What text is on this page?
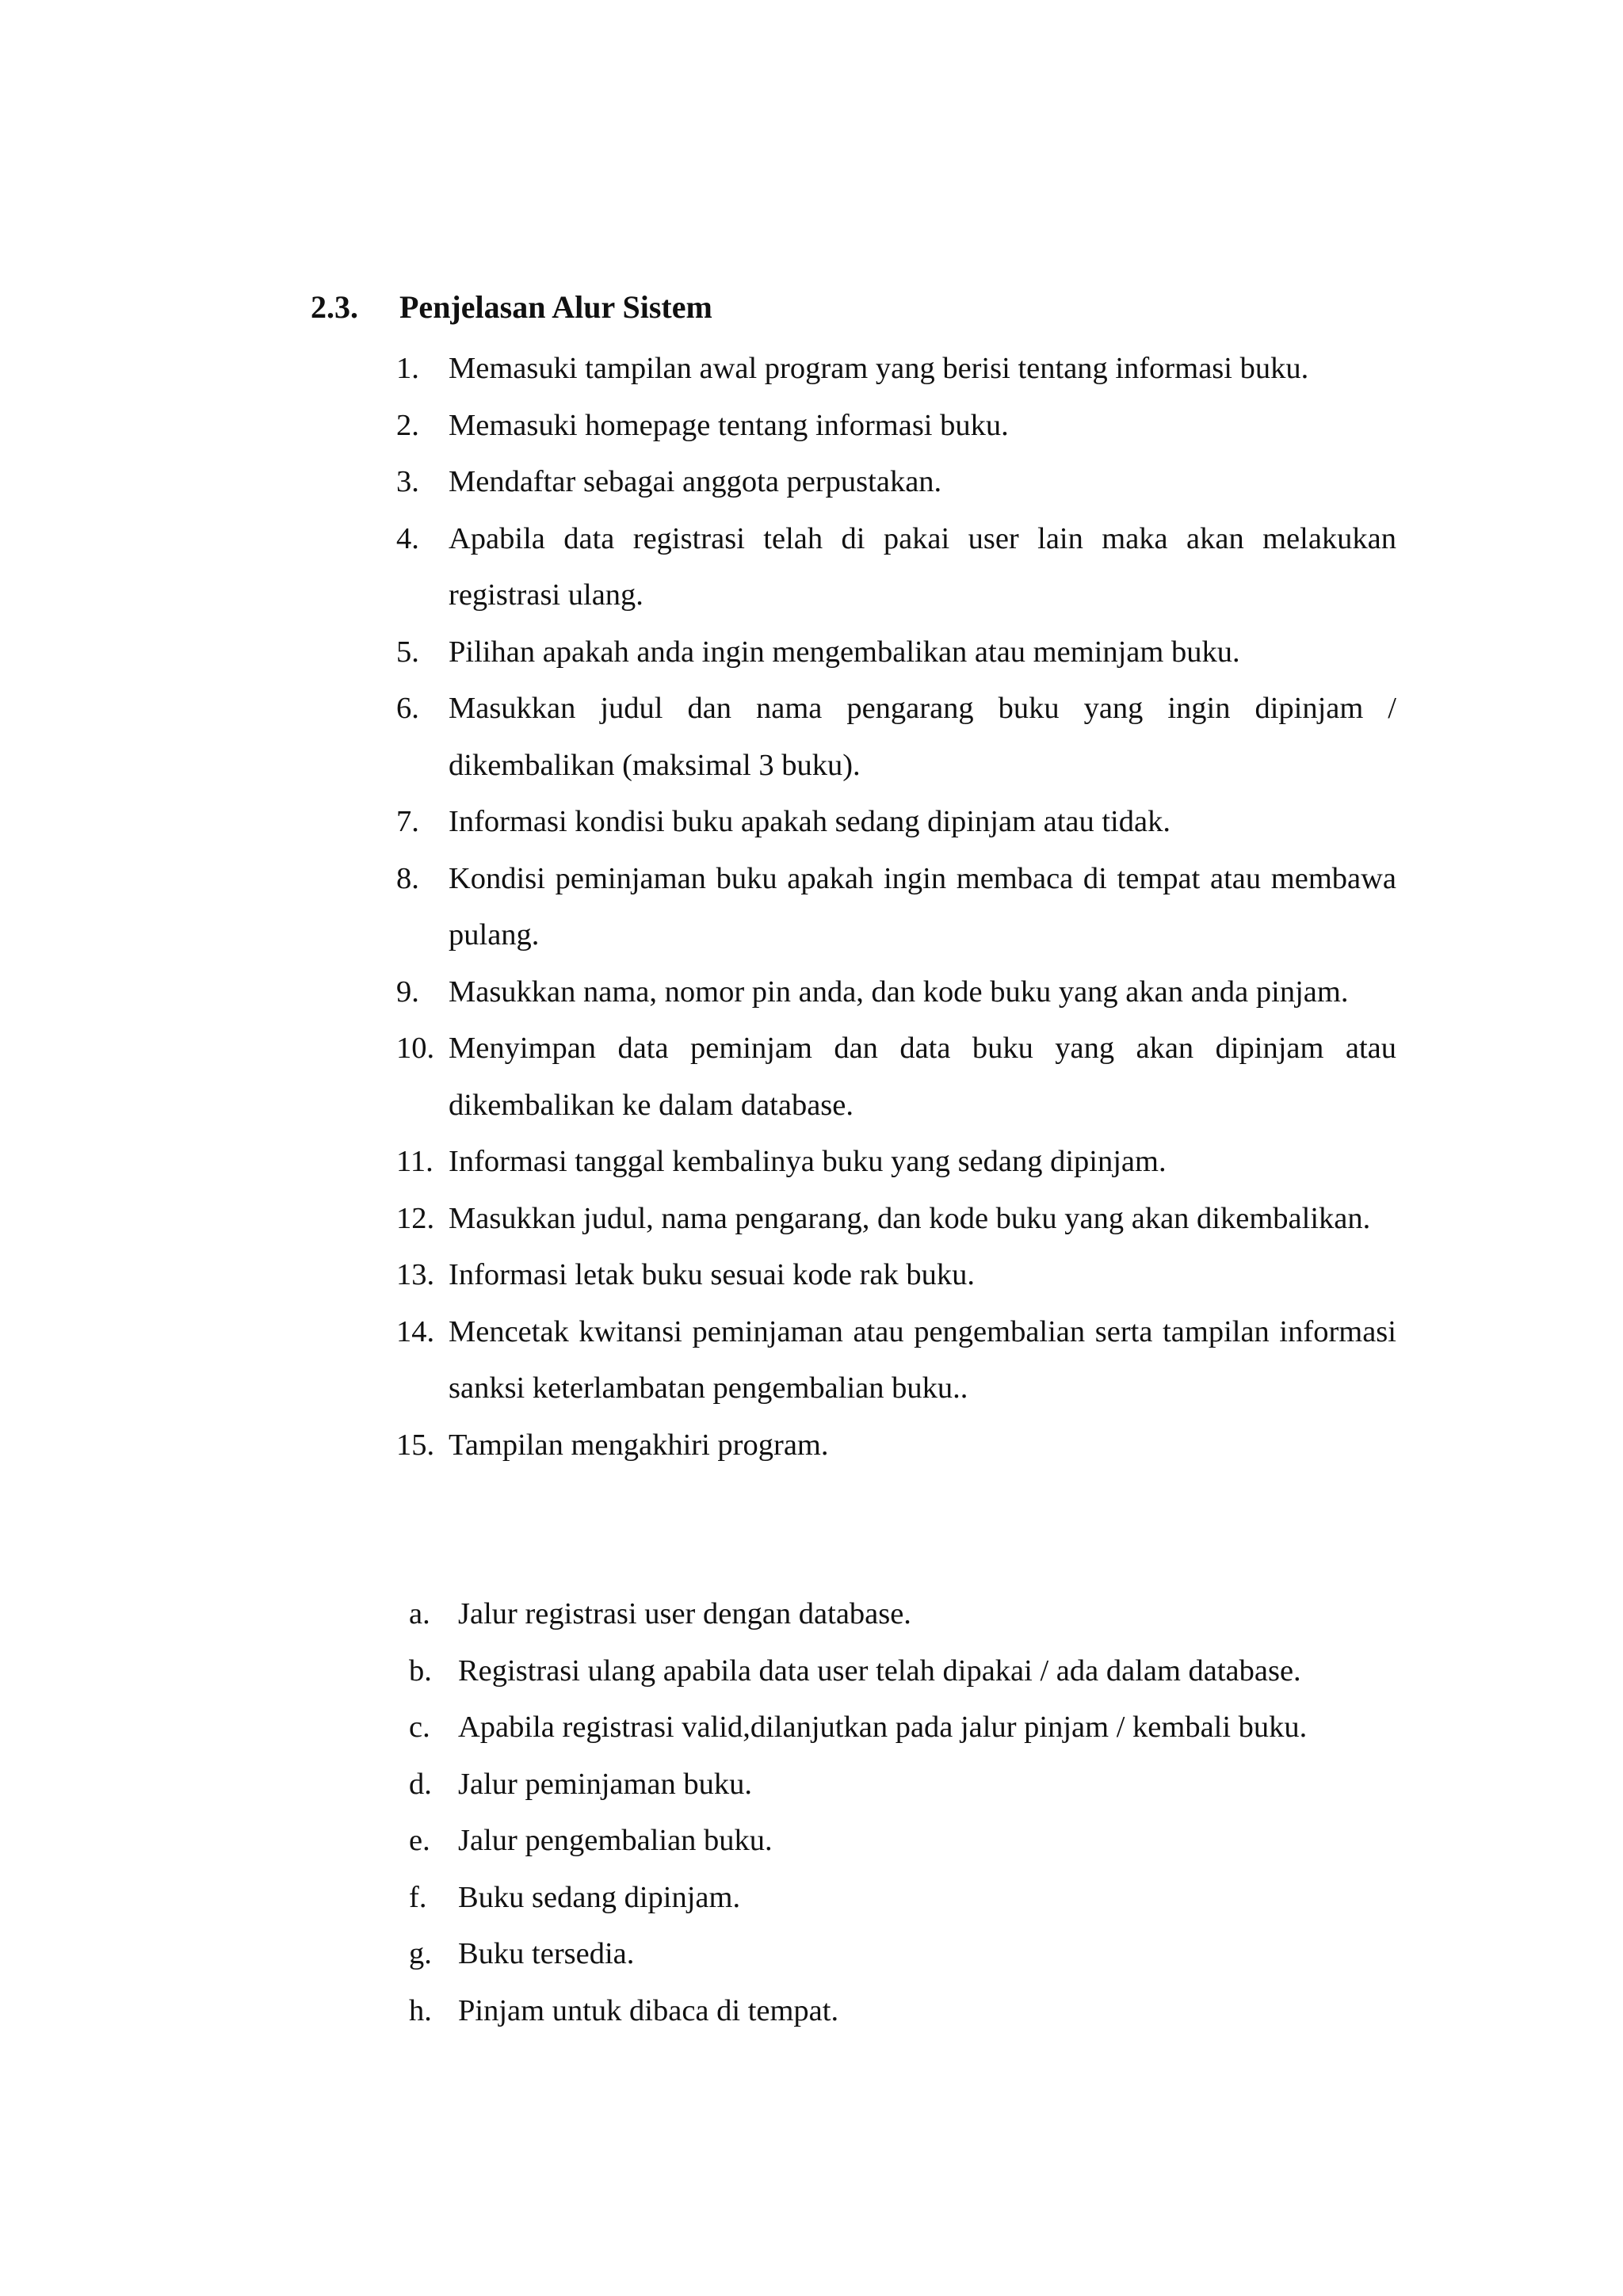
2.3. Penjelasan Alur Sistem
1. Memasuki tampilan awal program yang berisi tentang informasi buku.
2. Memasuki homepage tentang informasi buku.
3. Mendaftar sebagai anggota perpustakan.
4. Apabila data registrasi telah di pakai user lain maka akan melakukan registrasi ulang.
5. Pilihan apakah anda ingin mengembalikan atau meminjam buku.
6. Masukkan judul dan nama pengarang buku yang ingin dipinjam / dikembalikan (maksimal 3 buku).
7. Informasi kondisi buku apakah sedang dipinjam atau tidak.
8. Kondisi peminjaman buku apakah ingin membaca di tempat atau membawa pulang.
9. Masukkan nama, nomor pin anda, dan kode buku yang akan anda pinjam.
10. Menyimpan data peminjam dan data buku yang akan dipinjam atau dikembalikan ke dalam database.
11. Informasi tanggal kembalinya buku yang sedang dipinjam.
12. Masukkan judul, nama pengarang, dan kode buku yang akan dikembalikan.
13. Informasi letak buku sesuai kode rak buku.
14. Mencetak kwitansi peminjaman atau pengembalian serta tampilan informasi sanksi keterlambatan pengembalian buku..
15. Tampilan mengakhiri program.
a. Jalur registrasi user dengan database.
b. Registrasi ulang apabila data user telah dipakai / ada dalam database.
c. Apabila registrasi valid,dilanjutkan pada jalur pinjam / kembali buku.
d. Jalur peminjaman buku.
e. Jalur pengembalian buku.
f. Buku sedang dipinjam.
g. Buku tersedia.
h. Pinjam untuk dibaca di tempat.
